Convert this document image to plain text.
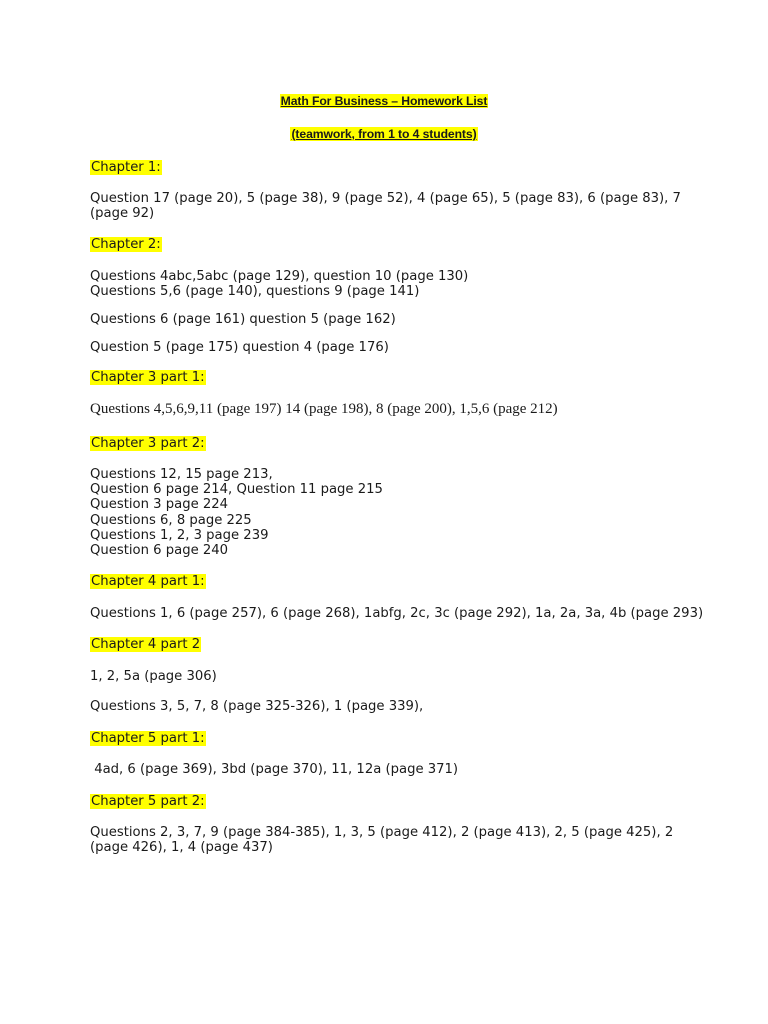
Math For Business – Homework List
(teamwork, from 1 to 4 students)
Chapter 1:
Question 17 (page 20), 5 (page 38), 9 (page 52), 4 (page 65), 5 (page 83), 6 (page 83), 7
(page 92)
Chapter 2:
Questions 4abc,5abc (page 129), question 10 (page 130)
Questions 5,6 (page 140), questions 9 (page 141)
Questions 6 (page 161) question 5 (page 162)
Question 5 (page 175) question 4 (page 176)
Chapter 3 part 1:
Questions 4,5,6,9,11 (page 197) 14 (page 198), 8 (page 200), 1,5,6 (page 212)
Chapter 3 part 2:
Questions 12, 15 page 213,
Question 6 page 214, Question 11 page 215
Question 3 page 224
Questions 6, 8 page 225
Questions 1, 2, 3 page 239
Question 6 page 240
Chapter 4 part 1:
Questions 1, 6 (page 257), 6 (page 268), 1abfg, 2c, 3c (page 292), 1a, 2a, 3a, 4b (page 293)
Chapter 4 part 2
1, 2, 5a (page 306)
Questions 3, 5, 7, 8 (page 325-326), 1 (page 339),
Chapter 5 part 1:
4ad, 6 (page 369), 3bd (page 370), 11, 12a (page 371)
Chapter 5 part 2:
Questions 2, 3, 7, 9 (page 384-385), 1, 3, 5 (page 412), 2 (page 413), 2, 5 (page 425), 2
(page 426), 1, 4 (page 437)
